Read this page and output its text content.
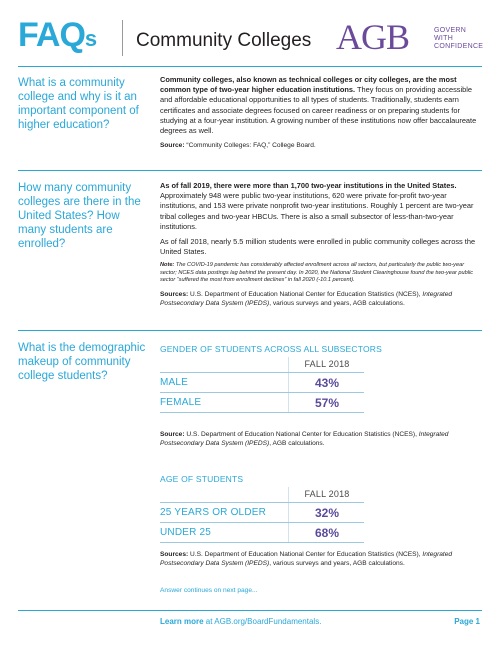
FAQs Community Colleges AGB	GOVERN WITH
CONFIDENCE
What is a community college and why is it an important component of higher education?

Community colleges, also known as technical colleges or city colleges, are the most common type of two-year higher education institutions. They focus on providing accessible and affordable educational opportunities to all types of students. Traditionally, students earn certificates and associate degrees focused on career readiness or on preparing students for studying at a four-year institution. A growing number of these institutions now offer baccalaureate degrees as well.

Source: “Community Colleges: FAQ,” College Board.

How many community colleges are there in the United States? How many students are enrolled?

As of fall 2019, there were more than 1,700 two-year institutions in the United States. Approximately 948 were public two-year institutions, 620 were private for-profit two-year institutions, and 153 were private nonprofit two-year institutions. Roughly 1 percent are two-year tribal colleges and two-year HBCUs. There is also a small subsector of less-than-two-year institutions.

As of fall 2018, nearly 5.5 million students were enrolled in public community colleges across the United States.

Note: The COVID-19 pandemic has considerably affected enrollment across all sectors, but particularly the public two-year sector; NCES data postings lag behind the present day. In 2020, the National Student Clearinghouse found the two-year public sector “suffered the most from enrollment declines” in fall 2020 (-10.1 percent).

Sources: U.S. Department of Education National Center for Education Statistics (NCES), Integrated Postsecondary Data System (IPEDS), various surveys and years, AGB calculations.

What is the demographic makeup of community college students?
GENDER OF STUDENTS ACROSS ALL SUBSECTORS
FALL 2018
MALE	43%
FEMALE	57%
Source: U.S. Department of Education National Center for Education Statistics (NCES), Integrated Postsecondary Data System (IPEDS), AGB calculations.
AGE OF STUDENTS
FALL 2018
25 YEARS OR OLDER	32%
UNDER 25	68%
Sources: U.S. Department of Education National Center for Education Statistics (NCES), Integrated Postsecondary Data System (IPEDS), various surveys and years, AGB calculations.
Answer continues on next page...
Learn more at AGB.org/BoardFundamentals.	Page 1
